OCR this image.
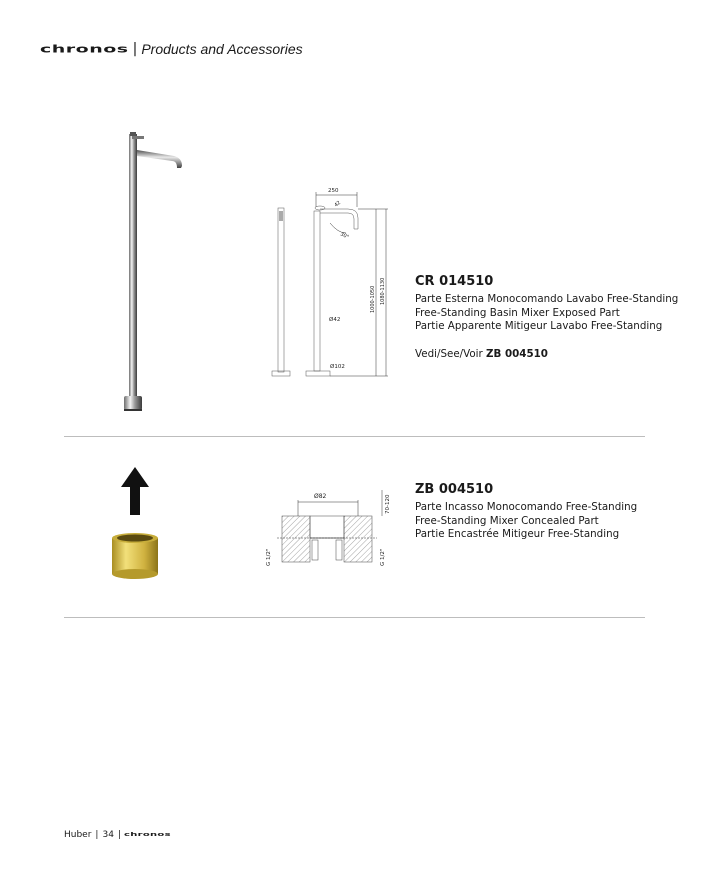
chronos | Products and Accessories
250
42
30°
1000-1050 1080-1130
Ø42
Ø102
CR 014510
Parte Esterna Monocomando Lavabo Free-Standing
Free-Standing Basin Mixer Exposed Part
Partie Apparente Mitigeur Lavabo Free-Standing
Vedi/See/Voir ZB 004510
Ø82	70-120
G 1/2"	G 1/2"
ZB 004510
Parte Incasso Monocomando Free-Standing
Free-Standing Mixer Concealed Part
Partie Encastrée Mitigeur Free-Standing
Huber | 34 | chronos
